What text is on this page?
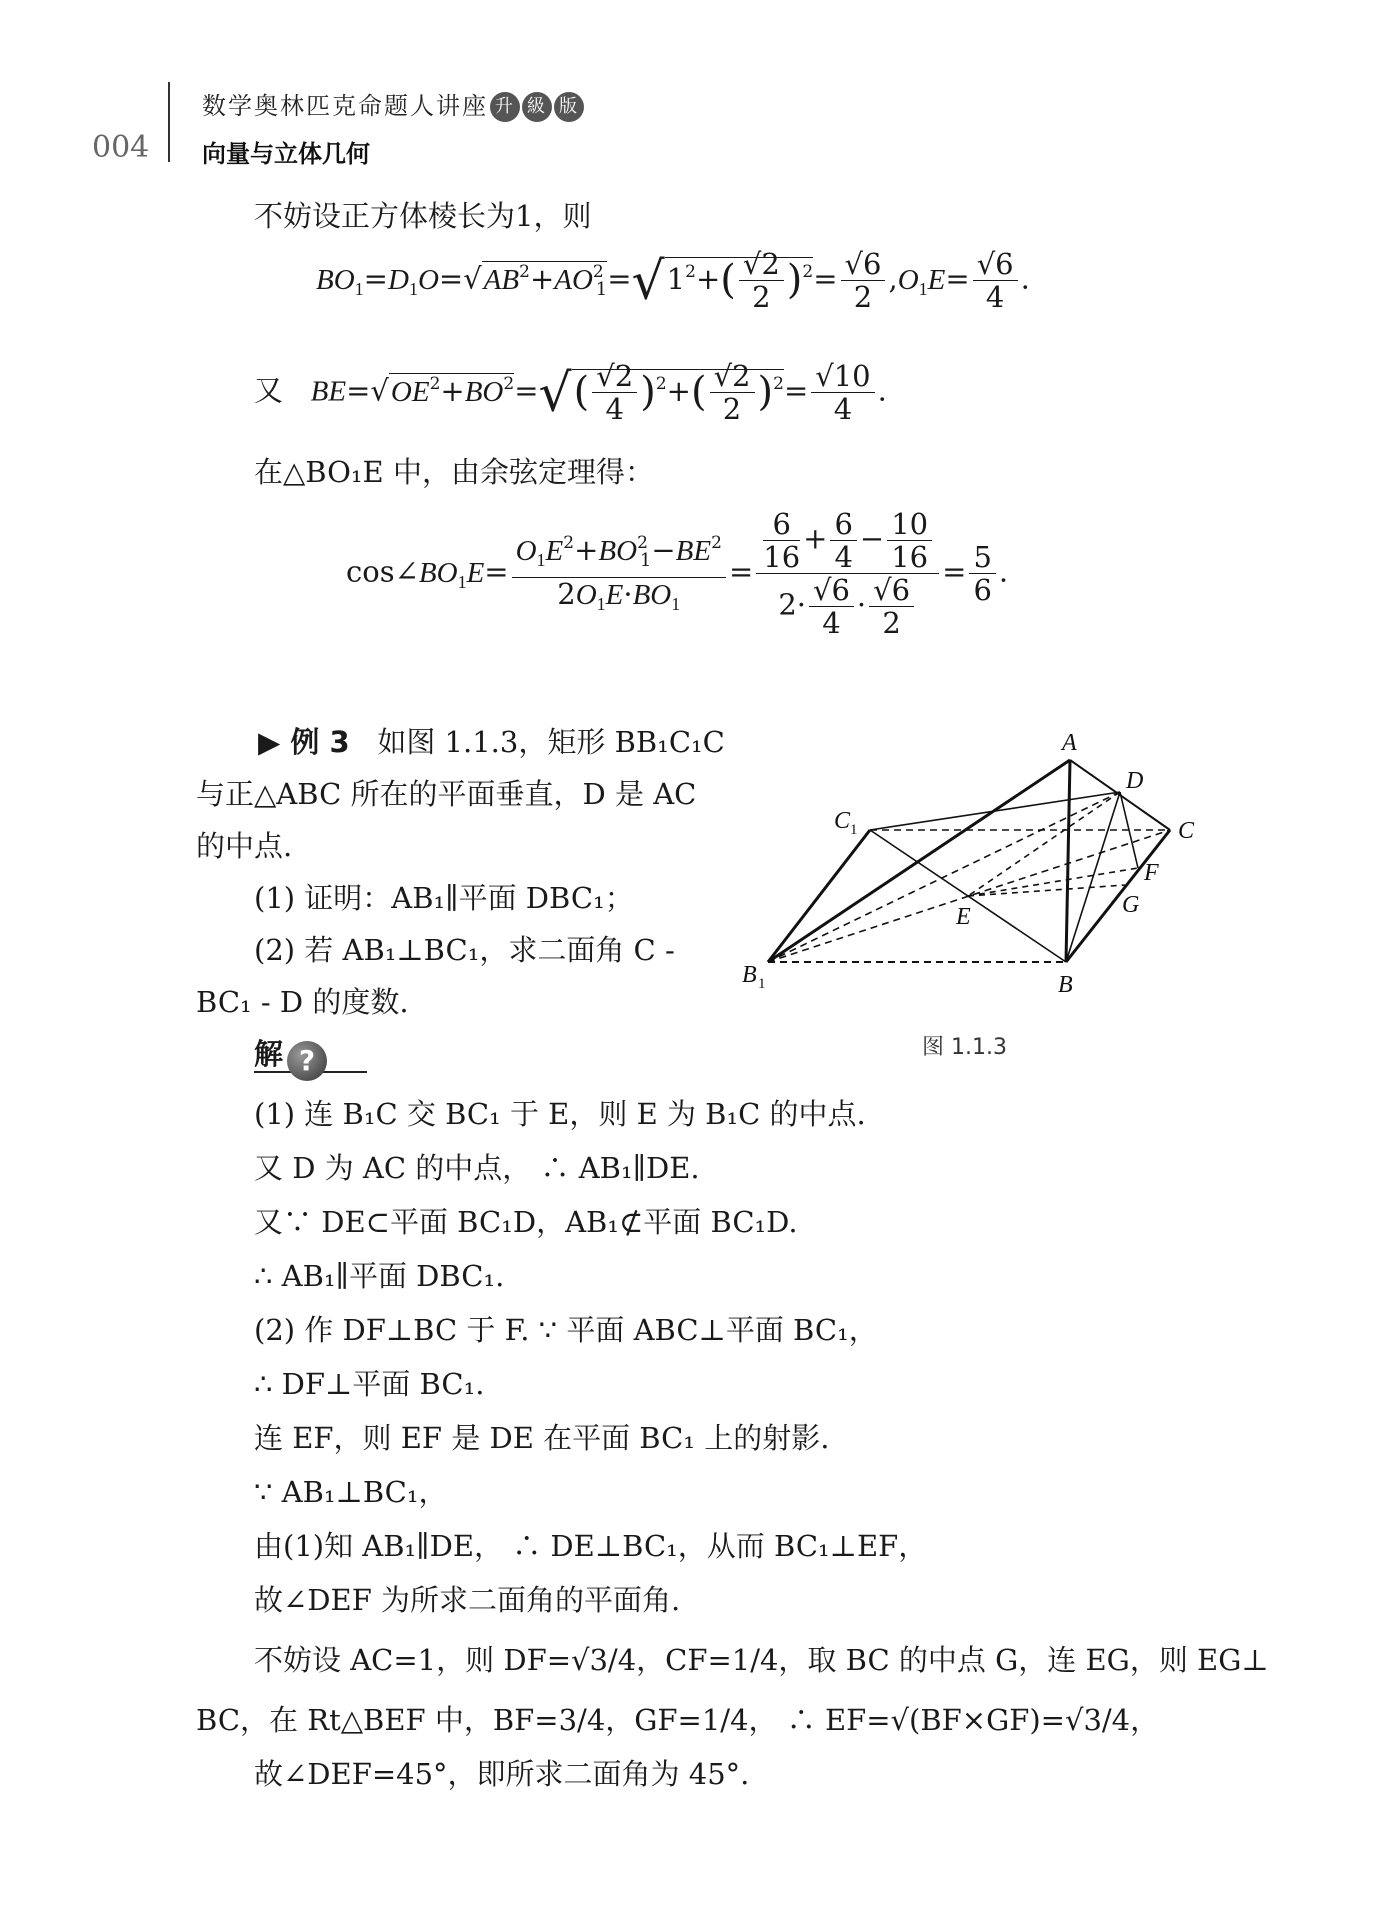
004
数学奥林匹克命题人讲座 升 級 版
向量与立体几何
不妨设正方体棱长为1，则
$BO_1=D_1O=√AB^2+AO^2_1=√1^2+( \frac{√2}{2} )^2= \frac{√6}{2} ,O_1E= \frac{√6}{4}$ .
又 $BE=√OE^2+BO^2=√( \frac{√2}{4} )^2+( \frac{√2}{2} )^2= \frac{√10}{4}$ .
在△BO₁E 中，由余弦定理得：
$\cos\angle BO_1E= \frac{O_1E^2+BO^2_1-BE^2}{2O_1E\cdot BO_1} = \frac{\frac{6}{16} + \frac{6}{4} - \frac{10}{16}}{2\cdot \frac{√6}{4} \cdot \frac{√6}{2}} = \frac{5}{6}$ .
▶ 例 3 如图 1.1.3，矩形 BB₁C₁C
与正△ABC 所在的平面垂直，D 是 AC
的中点.
(1) 证明：AB₁∥平面 DBC₁；
(2) 若 AB₁⊥BC₁，求二面角 C -
BC₁ - D 的度数.
A
D
C
C 1
F
G
E
B 1	B
图 1.1.3
解 ?
(1) 连 B₁C 交 BC₁ 于 E，则 E 为 B₁C 的中点.
又 D 为 AC 的中点， ∴ AB₁∥DE.
又∵ DE⊂平面 BC₁D，AB₁⊄平面 BC₁D.
∴ AB₁∥平面 DBC₁.
(2) 作 DF⊥BC 于 F. ∵ 平面 ABC⊥平面 BC₁，
∴ DF⊥平面 BC₁.
连 EF，则 EF 是 DE 在平面 BC₁ 上的射影.
∵ AB₁⊥BC₁，
由(1)知 AB₁∥DE， ∴ DE⊥BC₁，从而 BC₁⊥EF，
故∠DEF 为所求二面角的平面角.
不妨设 AC=1，则 DF=√3/4，CF=1/4，取 BC 的中点 G，连 EG，则 EG⊥
BC，在 Rt△BEF 中，BF=3/4，GF=1/4， ∴ EF=√(BF×GF)=√3/4，
故∠DEF=45°，即所求二面角为 45°.
